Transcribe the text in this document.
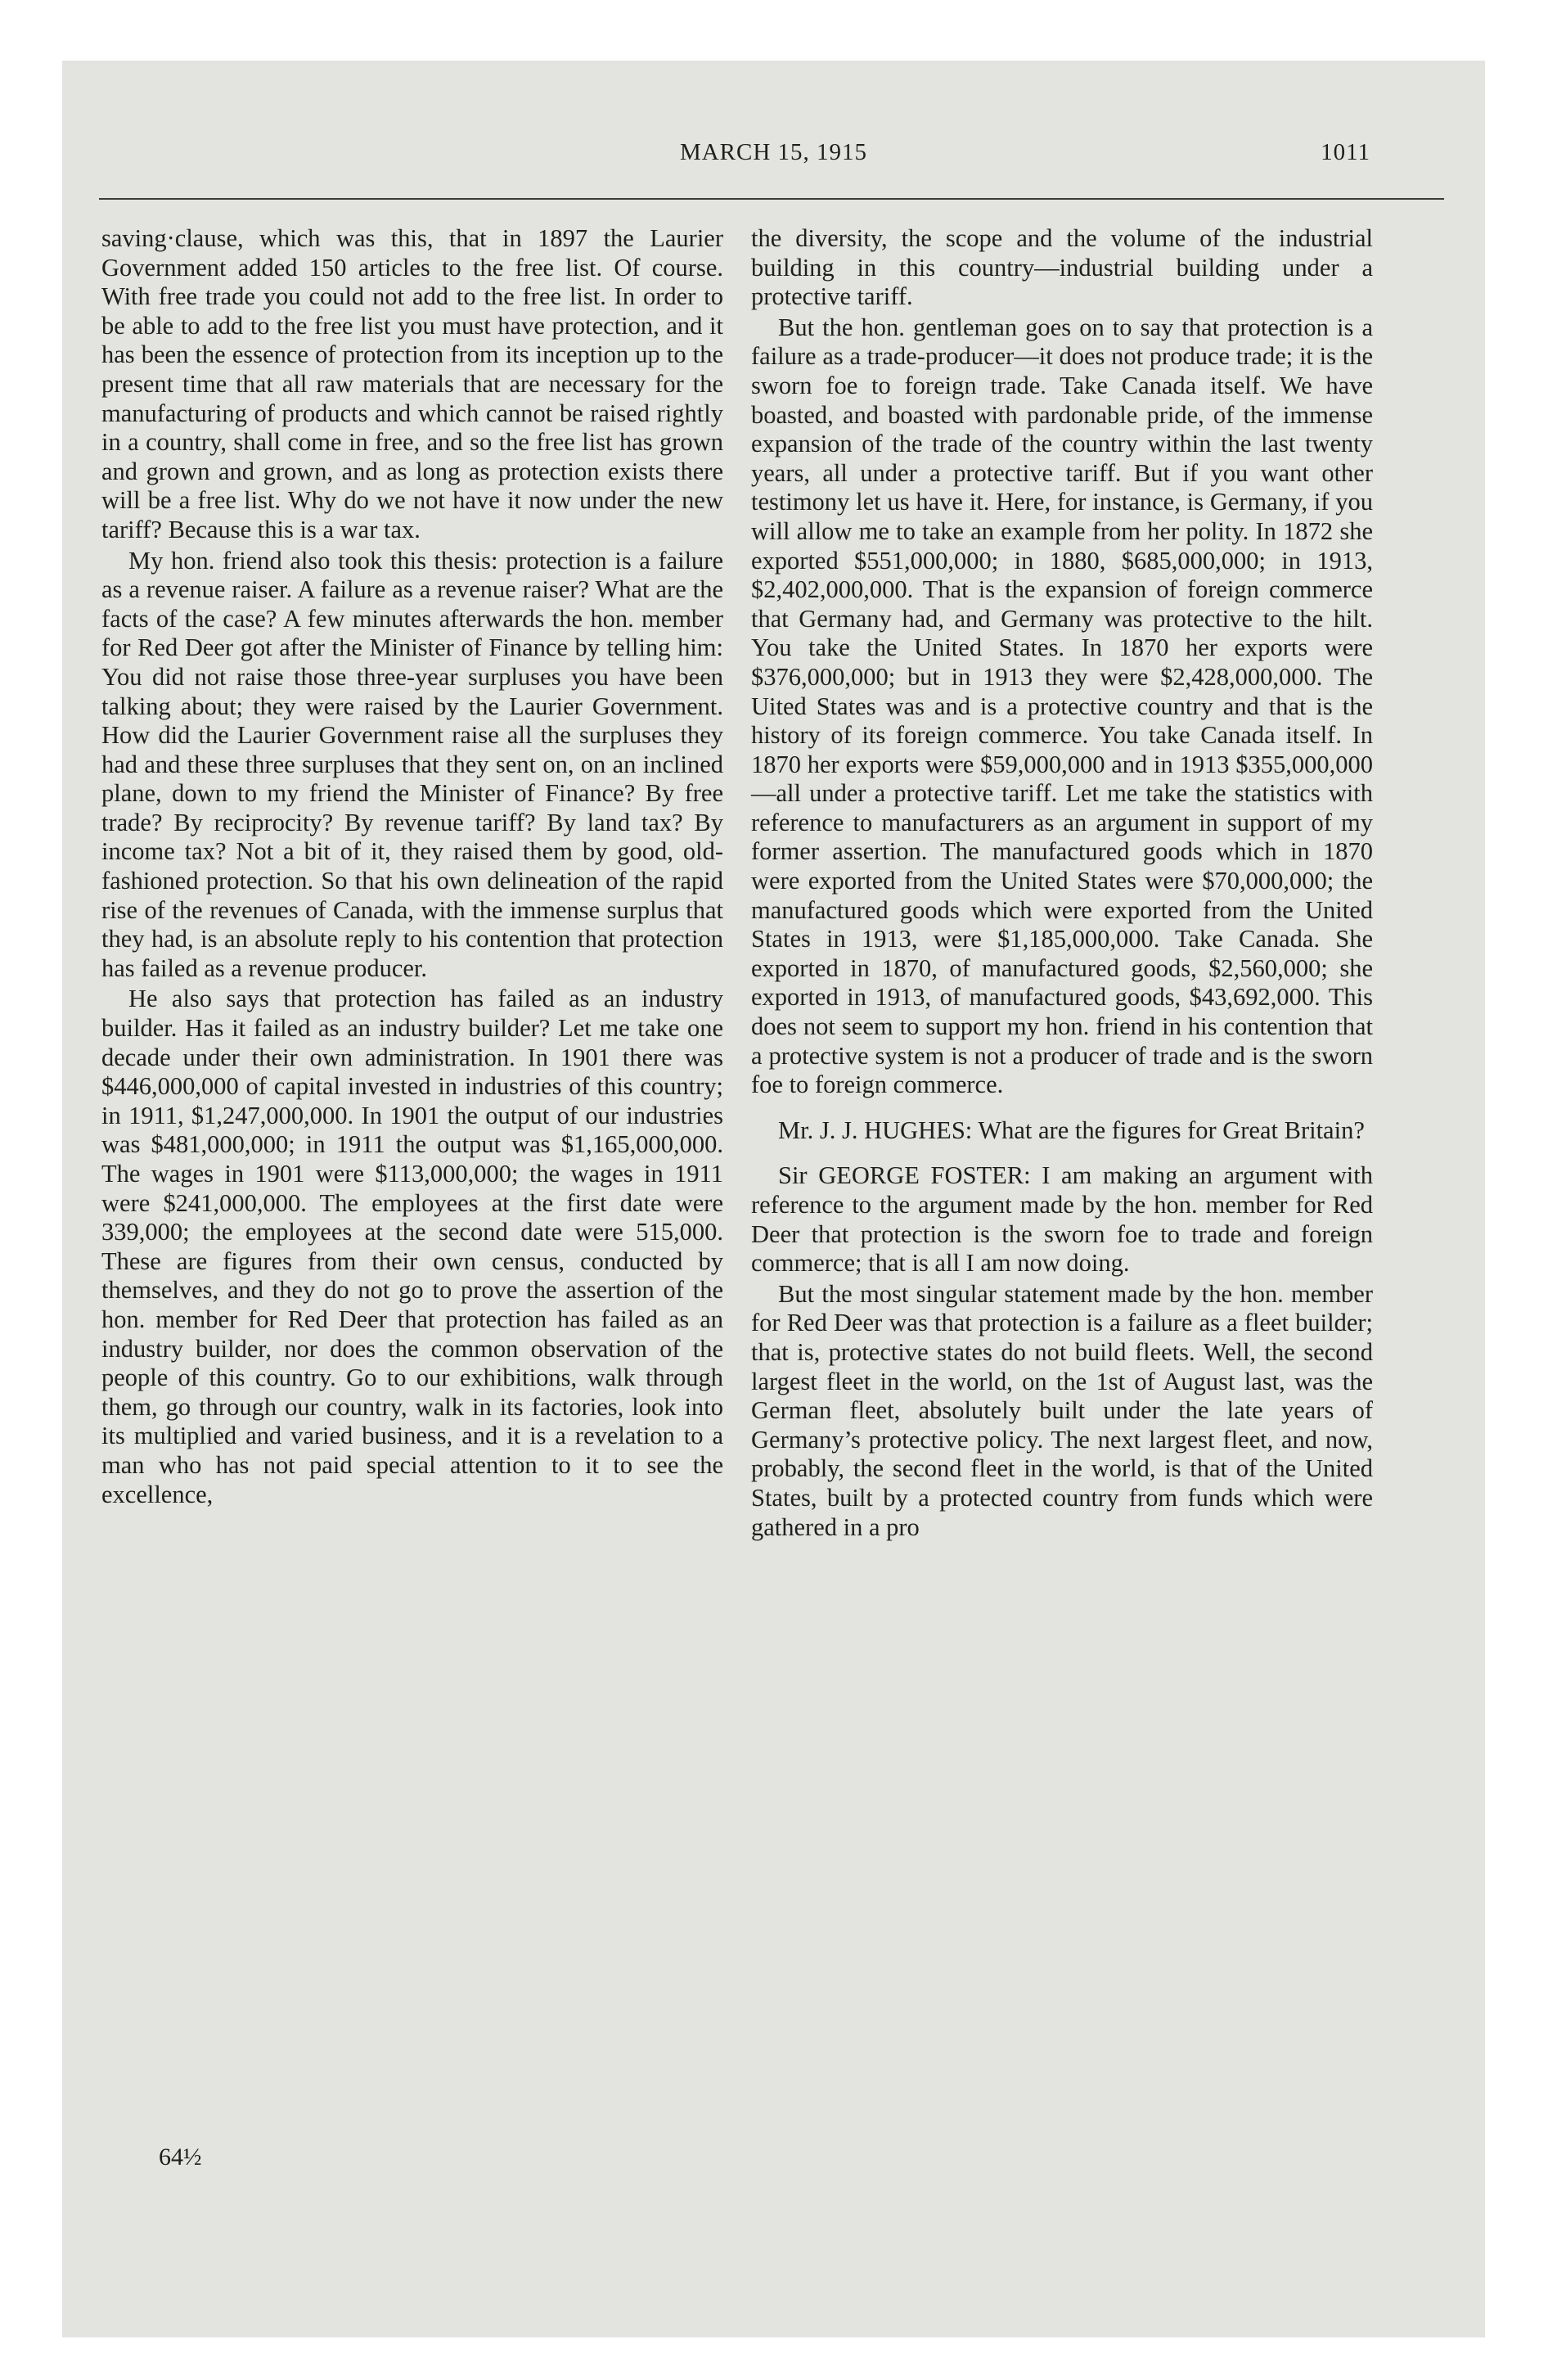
MARCH 15, 1915	1011

saving·clause, which was this, that in 1897 the Laurier Government added 150 articles to the free list. Of course. With free trade you could not add to the free list. In order to be able to add to the free list you must have protection, and it has been the essence of protection from its inception up to the present time that all raw materials that are necessary for the manufacturing of products and which cannot be raised rightly in a country, shall come in free, and so the free list has grown and grown and grown, and as long as protection exists there will be a free list. Why do we not have it now under the new tariff? Because this is a war tax.

My hon. friend also took this thesis: protection is a failure as a revenue raiser. A failure as a revenue raiser? What are the facts of the case? A few minutes afterwards the hon. member for Red Deer got after the Minister of Finance by telling him: You did not raise those three-year surpluses you have been talking about; they were raised by the Laurier Government. How did the Laurier Government raise all the surpluses they had and these three surpluses that they sent on, on an inclined plane, down to my friend the Minister of Finance? By free trade? By reciprocity? By revenue tariff? By land tax? By income tax? Not a bit of it, they raised them by good, old-fashioned protection. So that his own delineation of the rapid rise of the revenues of Canada, with the immense surplus that they had, is an absolute reply to his contention that protection has failed as a revenue producer.

He also says that protection has failed as an industry builder. Has it failed as an industry builder? Let me take one decade under their own administration. In 1901 there was $446,000,000 of capital invested in industries of this country; in 1911, $1,247,000,000. In 1901 the output of our industries was $481,000,000; in 1911 the output was $1,165,000,000. The wages in 1901 were $113,000,000; the wages in 1911 were $241,000,000. The employees at the first date were 339,000; the employees at the second date were 515,000. These are figures from their own census, conducted by themselves, and they do not go to prove the assertion of the hon. member for Red Deer that protection has failed as an industry builder, nor does the common observation of the people of this country. Go to our exhibitions, walk through them, go through our country, walk in its factories, look into its multiplied and varied business, and it is a revelation to a man who has not paid special attention to it to see the excellence,

the diversity, the scope and the volume of the industrial building in this country—industrial building under a protective tariff.

But the hon. gentleman goes on to say that protection is a failure as a trade-producer—it does not produce trade; it is the sworn foe to foreign trade. Take Canada itself. We have boasted, and boasted with pardonable pride, of the immense expansion of the trade of the country within the last twenty years, all under a protective tariff. But if you want other testimony let us have it. Here, for instance, is Germany, if you will allow me to take an example from her polity. In 1872 she exported $551,000,000; in 1880, $685,000,000; in 1913, $2,402,000,000. That is the expansion of foreign commerce that Germany had, and Germany was protective to the hilt. You take the United States. In 1870 her exports were $376,000,000; but in 1913 they were $2,428,000,000. The Uited States was and is a protective country and that is the history of its foreign commerce. You take Canada itself. In 1870 her exports were $59,000,000 and in 1913 $355,000,000—all under a protective tariff. Let me take the statistics with reference to manufacturers as an argument in support of my former assertion. The manufactured goods which in 1870 were exported from the United States were $70,000,000; the manufactured goods which were exported from the United States in 1913, were $1,185,000,000. Take Canada. She exported in 1870, of manufactured goods, $2,560,000; she exported in 1913, of manufactured goods, $43,692,000. This does not seem to support my hon. friend in his contention that a protective system is not a producer of trade and is the sworn foe to foreign commerce.

Mr. J. J. HUGHES: What are the figures for Great Britain?

Sir GEORGE FOSTER: I am making an argument with reference to the argument made by the hon. member for Red Deer that protection is the sworn foe to trade and foreign commerce; that is all I am now doing.

But the most singular statement made by the hon. member for Red Deer was that protection is a failure as a fleet builder; that is, protective states do not build fleets. Well, the second largest fleet in the world, on the 1st of August last, was the German fleet, absolutely built under the late years of Germany’s protective policy. The next largest fleet, and now, probably, the second fleet in the world, is that of the United States, built by a protected country from funds which were gathered in a pro

64½
